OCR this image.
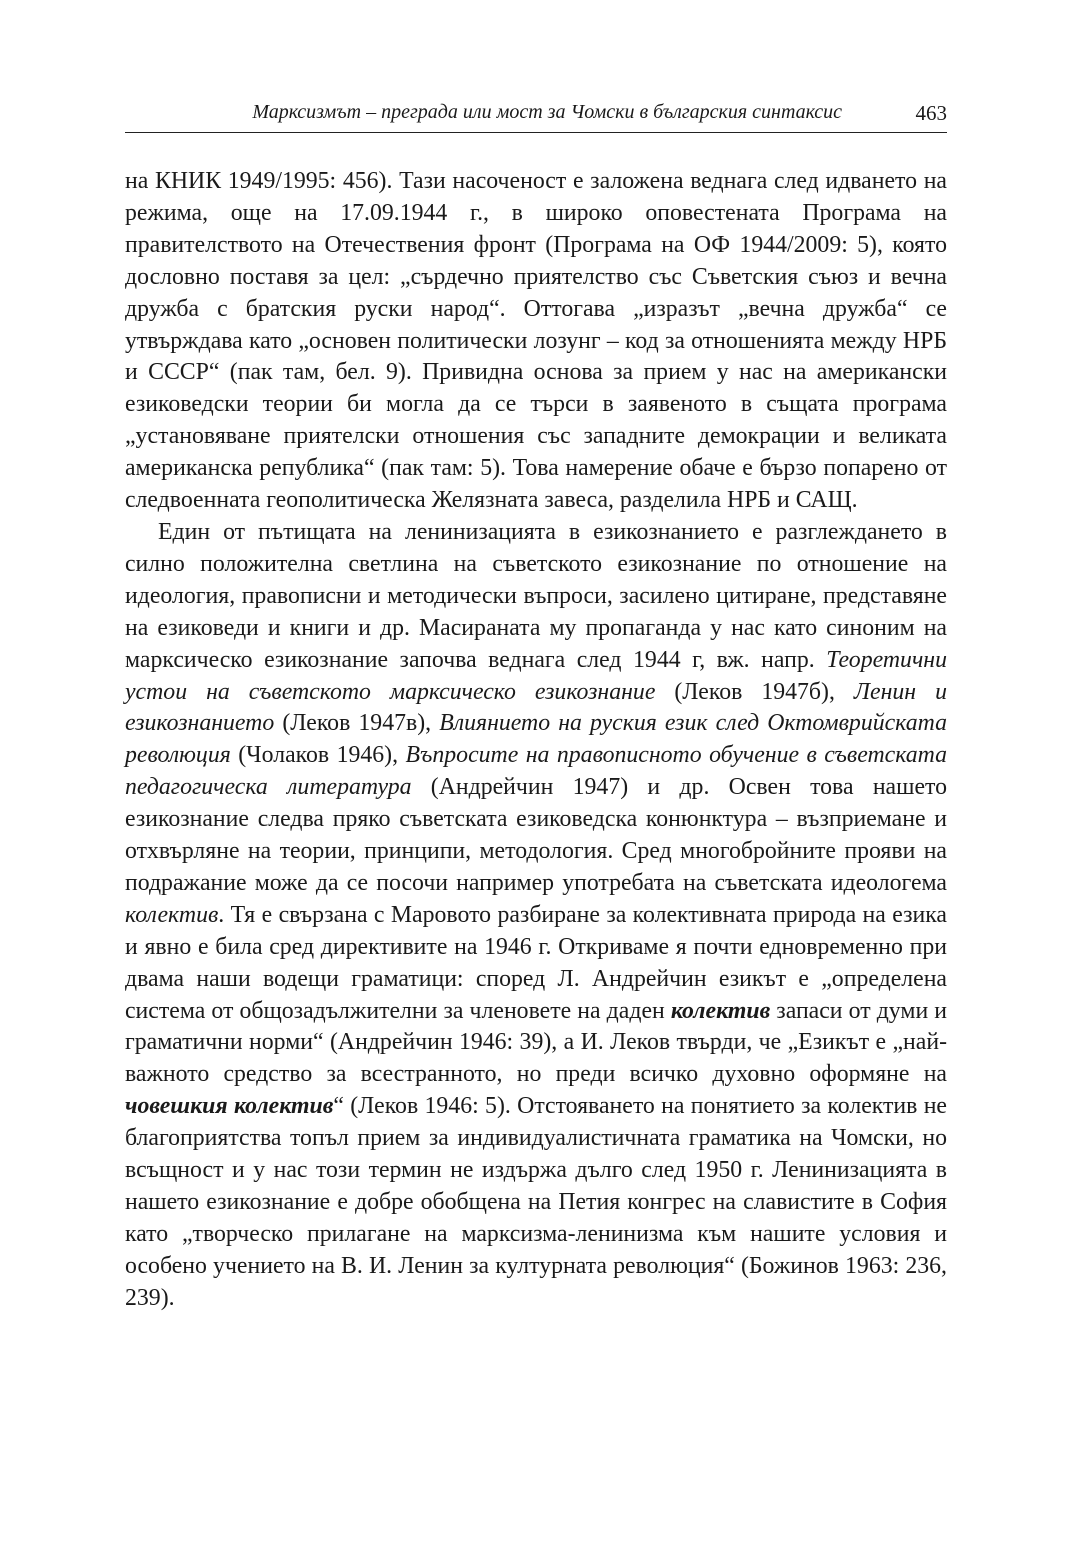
Марксизмът – преграда или мост за Чомски в българския синтаксис	463

на КНИК 1949/1995: 456). Тази насоченост е заложена веднага след идването на режима, още на 17.09.1944 г., в широко оповестената Програма на правителството на Отечествения фронт (Програма на ОФ 1944/2009: 5), която дословно поставя за цел: „сърдечно приятелство със Съветския съюз и вечна дружба с братския руски народ“. Оттогава „изразът „вечна дружба“ се утвърждава като „основен политически лозунг – код за отношенията между НРБ и СССР“ (пак там, бел. 9). Привидна основа за прием у нас на американски езиковедски теории би могла да се търси в заявеното в същата програма „установяване приятелски отношения със западните демокрации и великата американска република“ (пак там: 5). Това намерение обаче е бързо попарено от следвоенната геополитическа Желязната завеса, разделила НРБ и САЩ.

Един от пътищата на ленинизацията в езикознанието е разглеждането в силно положителна светлина на съветското езикознание по отношение на идеология, правописни и методически въпроси, засилено цитиране, представяне на езиковеди и книги и др. Масираната му пропаганда у нас като синоним на марксическо езикознание започва веднага след 1944 г, вж. напр. Теоретични устои на съветското марксическо езикознание (Леков 1947б), Ленин и езикознанието (Леков 1947в), Влиянието на руския език след Октомврийската революция (Чолаков 1946), Въпросите на правописното обучение в съветската педагогическа литература (Андрейчин 1947) и др. Освен това нашето езикознание следва пряко съветската езиковедска конюнктура – възприемане и отхвърляне на теории, принципи, методология. Сред многобройните прояви на подражание може да се посочи например употребата на съветската идеологема колектив. Тя е свързана с Маровото разбиране за колективната природа на езика и явно е била сред директивите на 1946 г. Откриваме я почти едновременно при двама наши водещи граматици: според Л. Андрейчин езикът е „определена система от общозадължителни за членовете на даден колектив запаси от думи и граматични норми“ (Андрейчин 1946: 39), а И. Леков твърди, че „Езикът е „най-важното средство за всестранното, но преди всичко духовно оформяне на човешкия колектив“ (Леков 1946: 5). Отстояването на понятието за колектив не благоприятства топъл прием за индивидуалистичната граматика на Чомски, но всъщност и у нас този термин не издържа дълго след 1950 г. Ленинизацията в нашето езикознание е добре обобщена на Петия конгрес на славистите в София като „творческо прилагане на марксизма-ленинизма към нашите условия и особено учението на В. И. Ленин за културната революция“ (Божинов 1963: 236, 239).
